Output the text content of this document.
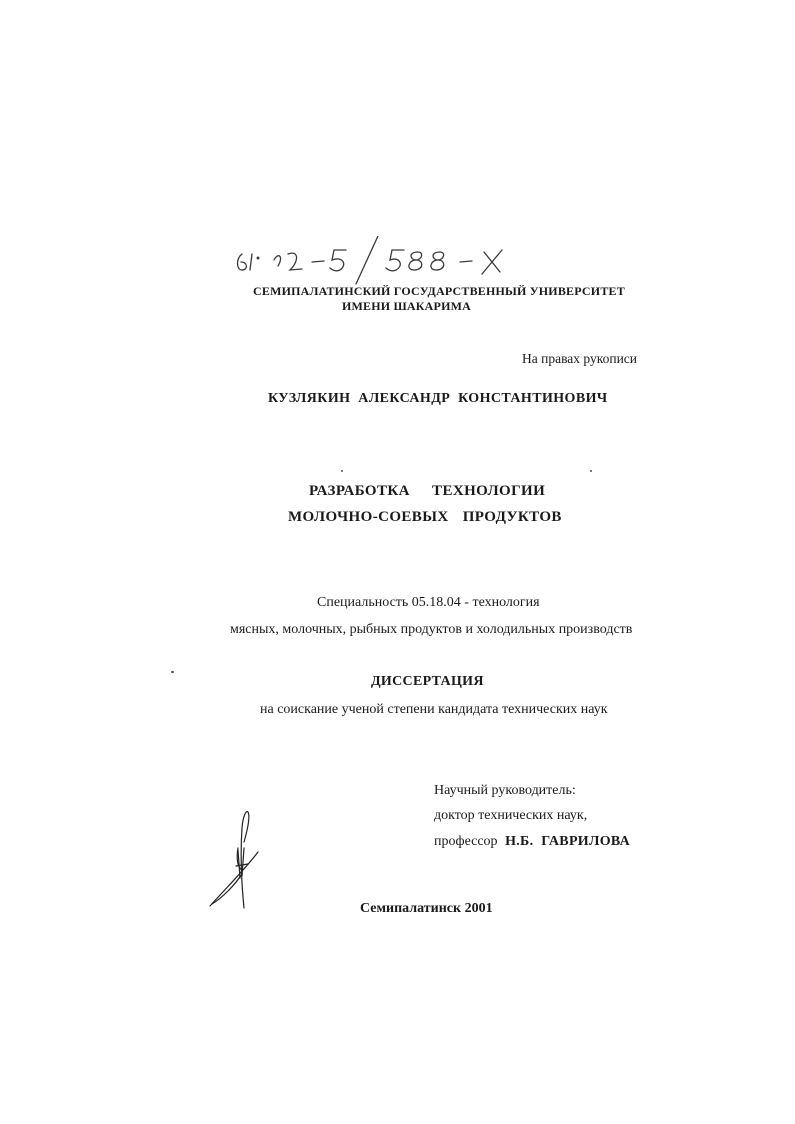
СЕМИПАЛАТИНСКИЙ ГОСУДАРСТВЕННЫЙ УНИВЕРСИТЕТ
ИМЕНИ ШАКАРИМА
На правах рукописи
КУЗЛЯКИН АЛЕКСАНДР КОНСТАНТИНОВИЧ
РАЗРАБОТКА ТЕХНОЛОГИИ
МОЛОЧНО-СОЕВЫХ ПРОДУКТОВ
Специальность 05.18.04 - технология
мясных, молочных, рыбных продуктов и холодильных производств
ДИССЕРТАЦИЯ
на соискание ученой степени кандидата технических наук
Научный руководитель:
доктор технических наук,
профессор Н.Б. ГАВРИЛОВА
Семипалатинск 2001
